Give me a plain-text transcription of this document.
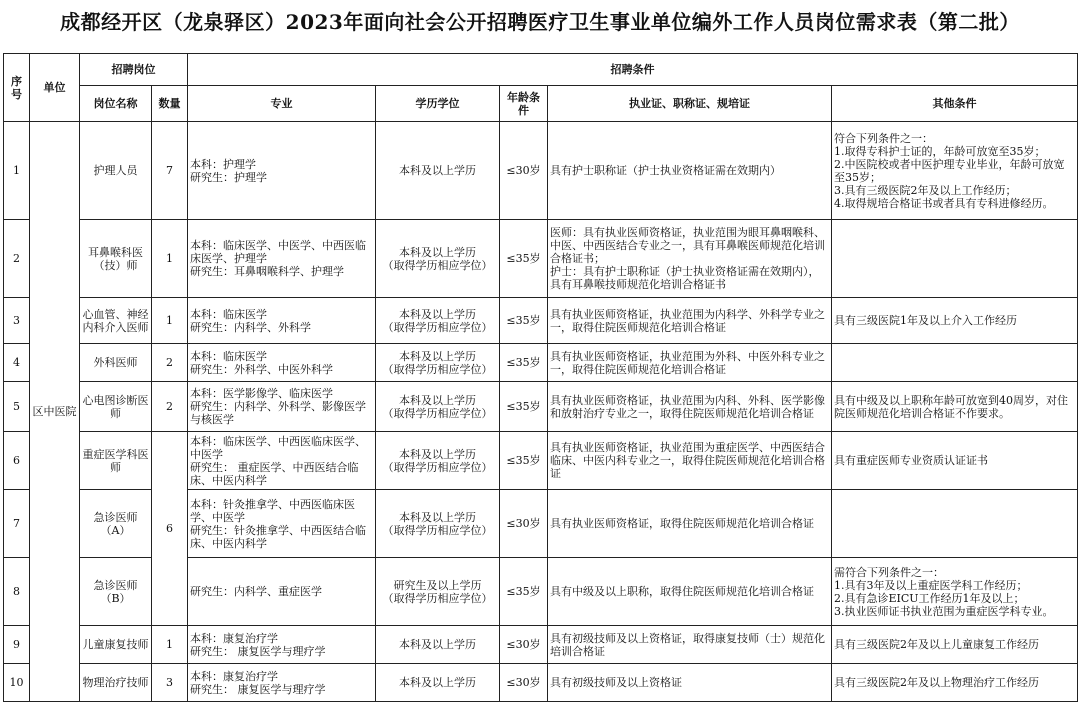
成都经开区（龙泉驿区）2023年面向社会公开招聘医疗卫生事业单位编外工作人员岗位需求表（第二批）
序号	单位	招聘岗位		招聘条件				
		岗位名称	数量	专业	学历学位	年龄条件	执业证、职称证、规培证	其他条件
1	区中医院	护理人员	7	本科：护理学
研究生：护理学	本科及以上学历	≤30岁	具有护士职称证（护士执业资格证需在效期内）	符合下列条件之一：
1.取得专科护士证的，年龄可放宽至35岁；
2.中医院校或者中医护理专业毕业，年龄可放宽至35岁；
3.具有三级医院2年及以上工作经历；
4.取得规培合格证书或者具有专科进修经历。
2		耳鼻喉科医（技）师	1	本科：临床医学、中医学、中西医临床医学、护理学
研究生：耳鼻咽喉科学、护理学	本科及以上学历
（取得学历相应学位）	≤35岁	医师：具有执业医师资格证，执业范围为眼耳鼻咽喉科、中医、中西医结合专业之一，具有耳鼻喉医师规范化培训合格证书；
护士：具有护士职称证（护士执业资格证需在效期内），具有耳鼻喉技师规范化培训合格证书	
3		心血管、神经内科介入医师	1	本科：临床医学
研究生：内科学、外科学	本科及以上学历
（取得学历相应学位）	≤35岁	具有执业医师资格证，执业范围为内科学、外科学专业之一，取得住院医师规范化培训合格证	具有三级医院1年及以上介入工作经历
4		外科医师	2	本科：临床医学
研究生：外科学、中医外科学	本科及以上学历
（取得学历相应学位）	≤35岁	具有执业医师资格证，执业范围为外科、中医外科专业之一，取得住院医师规范化培训合格证	
5		心电图诊断医师	2	本科：医学影像学、临床医学
研究生：内科学、外科学、影像医学与核医学	本科及以上学历
（取得学历相应学位）	≤35岁	具有执业医师资格证，执业范围为内科、外科、医学影像和放射治疗专业之一，取得住院医师规范化培训合格证	具有中级及以上职称年龄可放宽到40周岁，对住院医师规范化培训合格证不作要求。
6		重症医学科医师	6	本科：临床医学、中西医临床医学、中医学
研究生： 重症医学、中西医结合临床、中医内科学	本科及以上学历
（取得学历相应学位）	≤35岁	具有执业医师资格证，执业范围为重症医学、中西医结合临床、中医内科专业之一，取得住院医师规范化培训合格证	具有重症医师专业资质认证证书
7		急诊医师（A）		本科：针灸推拿学、中西医临床医学、中医学
研究生：针灸推拿学、中西医结合临床、中医内科学	本科及以上学历
（取得学历相应学位）	≤30岁	具有执业医师资格证，取得住院医师规范化培训合格证	
8		急诊医师（B）		研究生：内科学、重症医学	研究生及以上学历
（取得学历相应学位）	≤35岁	具有中级及以上职称，取得住院医师规范化培训合格证	需符合下列条件之一：
1.具有3年及以上重症医学科工作经历；
2.具有急诊EICU工作经历1年及以上；
3.执业医师证书执业范围为重症医学科专业。
9		儿童康复技师	1	本科：康复治疗学
研究生： 康复医学与理疗学	本科及以上学历	≤30岁	具有初级技师及以上资格证，取得康复技师（士）规范化培训合格证	具有三级医院2年及以上儿童康复工作经历
10		物理治疗技师	3	本科：康复治疗学
研究生： 康复医学与理疗学	本科及以上学历	≤30岁	具有初级技师及以上资格证	具有三级医院2年及以上物理治疗工作经历
